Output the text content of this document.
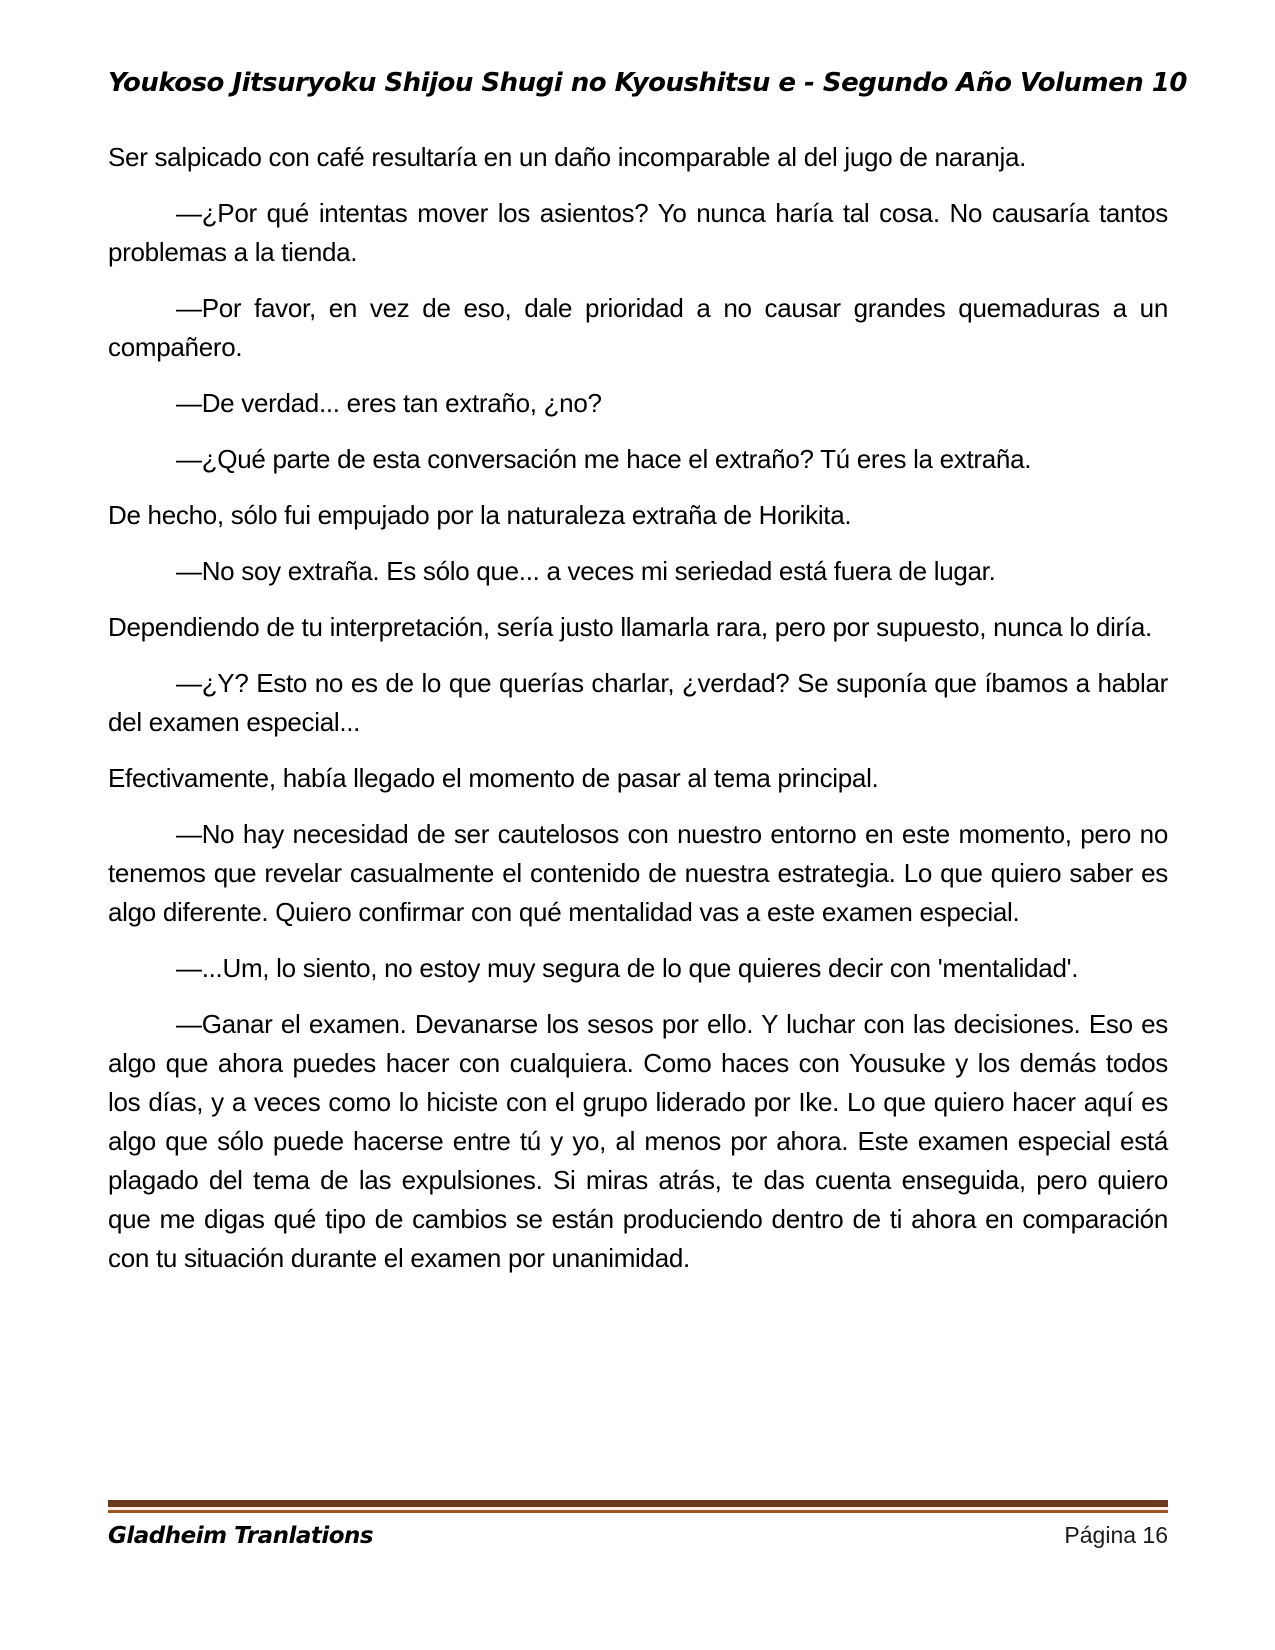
Youkoso Jitsuryoku Shijou Shugi no Kyoushitsu e - Segundo Año Volumen 10

Ser salpicado con café resultaría en un daño incomparable al del jugo de naranja.

—¿Por qué intentas mover los asientos? Yo nunca haría tal cosa. No causaría tantos problemas a la tienda.

—Por favor, en vez de eso, dale prioridad a no causar grandes quemaduras a un compañero.

—De verdad... eres tan extraño, ¿no?

—¿Qué parte de esta conversación me hace el extraño? Tú eres la extraña.

De hecho, sólo fui empujado por la naturaleza extraña de Horikita.

—No soy extraña. Es sólo que... a veces mi seriedad está fuera de lugar.

Dependiendo de tu interpretación, sería justo llamarla rara, pero por supuesto, nunca lo diría.

—¿Y? Esto no es de lo que querías charlar, ¿verdad? Se suponía que íbamos a hablar del examen especial...

Efectivamente, había llegado el momento de pasar al tema principal.

—No hay necesidad de ser cautelosos con nuestro entorno en este momento, pero no tenemos que revelar casualmente el contenido de nuestra estrategia. Lo que quiero saber es algo diferente. Quiero confirmar con qué mentalidad vas a este examen especial.

—...Um, lo siento, no estoy muy segura de lo que quieres decir con 'mentalidad'.

—Ganar el examen. Devanarse los sesos por ello. Y luchar con las decisiones. Eso es algo que ahora puedes hacer con cualquiera. Como haces con Yousuke y los demás todos los días, y a veces como lo hiciste con el grupo liderado por Ike. Lo que quiero hacer aquí es algo que sólo puede hacerse entre tú y yo, al menos por ahora. Este examen especial está plagado del tema de las expulsiones. Si miras atrás, te das cuenta enseguida, pero quiero que me digas qué tipo de cambios se están produciendo dentro de ti ahora en comparación con tu situación durante el examen por unanimidad.

Gladheim Tranlations	Página 16
